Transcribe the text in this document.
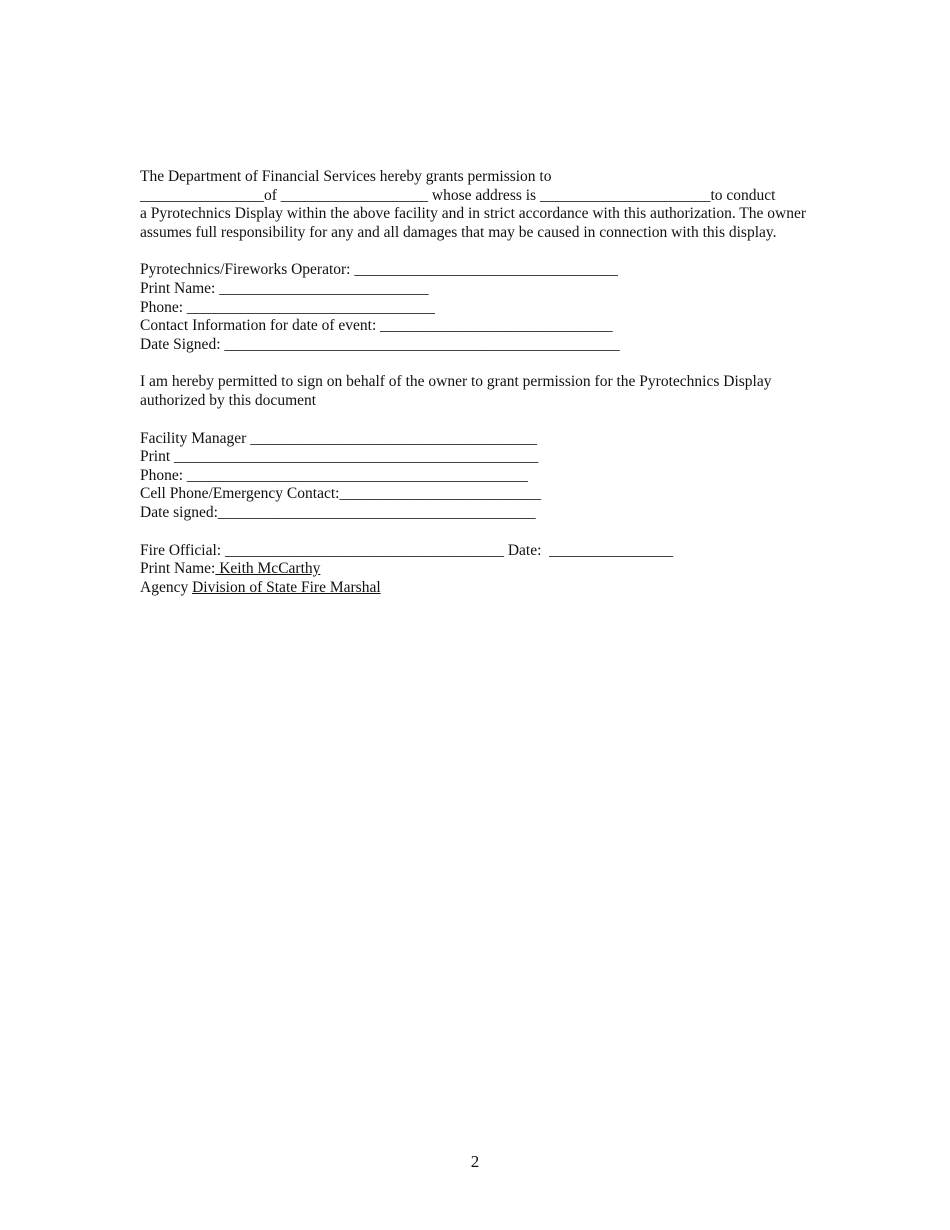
The Department of Financial Services hereby grants permission to

________________of ___________________ whose address is ______________________to conduct

a Pyrotechnics Display within the above facility and in strict accordance with this authorization. The owner assumes full responsibility for any and all damages that may be caused in connection with this display.

Pyrotechnics/Fireworks Operator: __________________________________

Print Name: ___________________________

Phone: ________________________________

Contact Information for date of event: ______________________________

Date Signed: ___________________________________________________

I am hereby permitted to sign on behalf of the owner to grant permission for the Pyrotechnics Display authorized by this document

Facility Manager _____________________________________

Print _______________________________________________

Phone: ____________________________________________

Cell Phone/Emergency Contact:__________________________

Date signed:_________________________________________

Fire Official: ____________________________________ Date:  ________________

Print Name: Keith McCarthy

Agency Division of State Fire Marshal

2
